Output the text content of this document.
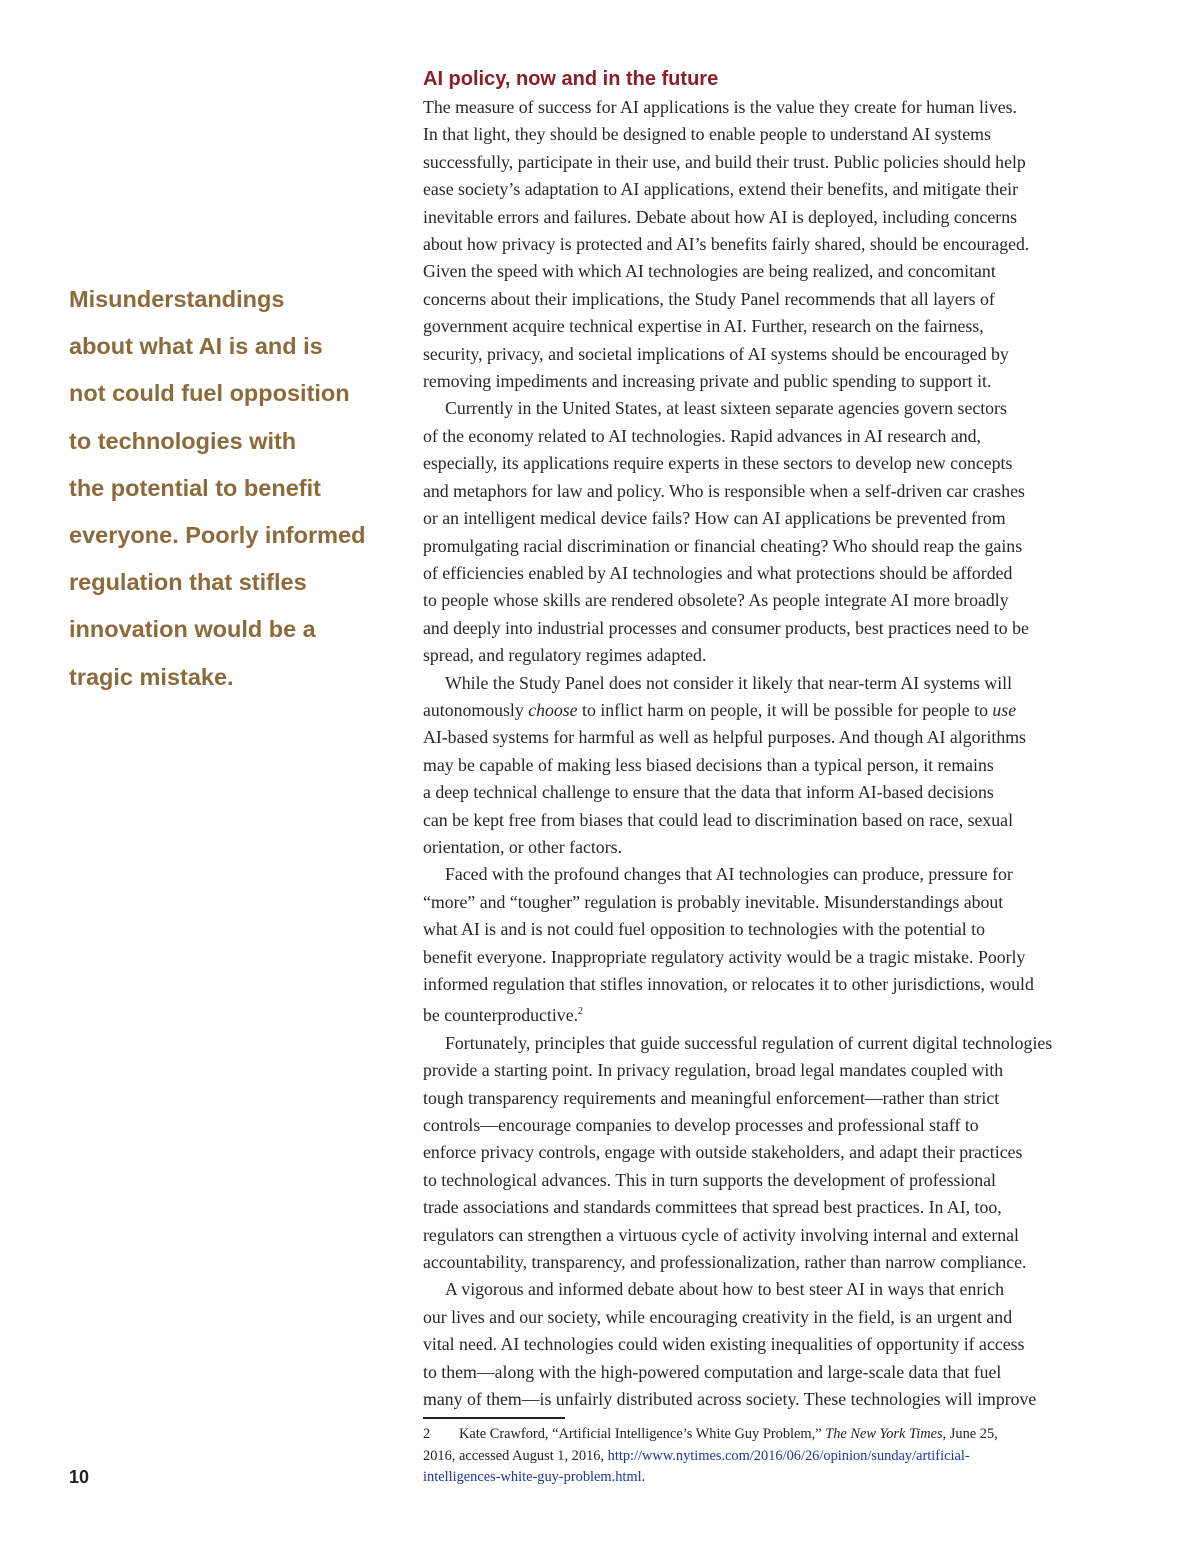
Misunderstandings
about what AI is and is
not could fuel opposition
to technologies with
the potential to benefit
everyone. Poorly informed
regulation that stifles
innovation would be a
tragic mistake.
AI policy, now and in the future
The measure of success for AI applications is the value they create for human lives.
In that light, they should be designed to enable people to understand AI systems
successfully, participate in their use, and build their trust. Public policies should help
ease society’s adaptation to AI applications, extend their benefits, and mitigate their
inevitable errors and failures. Debate about how AI is deployed, including concerns
about how privacy is protected and AI’s benefits fairly shared, should be encouraged.
Given the speed with which AI technologies are being realized, and concomitant
concerns about their implications, the Study Panel recommends that all layers of
government acquire technical expertise in AI. Further, research on the fairness,
security, privacy, and societal implications of AI systems should be encouraged by
removing impediments and increasing private and public spending to support it.
Currently in the United States, at least sixteen separate agencies govern sectors
of the economy related to AI technologies. Rapid advances in AI research and,
especially, its applications require experts in these sectors to develop new concepts
and metaphors for law and policy. Who is responsible when a self-driven car crashes
or an intelligent medical device fails? How can AI applications be prevented from
promulgating racial discrimination or financial cheating? Who should reap the gains
of efficiencies enabled by AI technologies and what protections should be afforded
to people whose skills are rendered obsolete? As people integrate AI more broadly
and deeply into industrial processes and consumer products, best practices need to be
spread, and regulatory regimes adapted.
While the Study Panel does not consider it likely that near-term AI systems will
autonomously choose to inflict harm on people, it will be possible for people to use
AI-based systems for harmful as well as helpful purposes. And though AI algorithms
may be capable of making less biased decisions than a typical person, it remains
a deep technical challenge to ensure that the data that inform AI-based decisions
can be kept free from biases that could lead to discrimination based on race, sexual
orientation, or other factors.
Faced with the profound changes that AI technologies can produce, pressure for
“more” and “tougher” regulation is probably inevitable. Misunderstandings about
what AI is and is not could fuel opposition to technologies with the potential to
benefit everyone. Inappropriate regulatory activity would be a tragic mistake. Poorly
informed regulation that stifles innovation, or relocates it to other jurisdictions, would
be counterproductive.$^2$
Fortunately, principles that guide successful regulation of current digital technologies
provide a starting point. In privacy regulation, broad legal mandates coupled with
tough transparency requirements and meaningful enforcement—rather than strict
controls—encourage companies to develop processes and professional staff to
enforce privacy controls, engage with outside stakeholders, and adapt their practices
to technological advances. This in turn supports the development of professional
trade associations and standards committees that spread best practices. In AI, too,
regulators can strengthen a virtuous cycle of activity involving internal and external
accountability, transparency, and professionalization, rather than narrow compliance.
A vigorous and informed debate about how to best steer AI in ways that enrich
our lives and our society, while encouraging creativity in the field, is an urgent and
vital need. AI technologies could widen existing inequalities of opportunity if access
to them—along with the high-powered computation and large-scale data that fuel
many of them—is unfairly distributed across society. These technologies will improve
2 Kate Crawford, “Artificial Intelligence’s White Guy Problem,” The New York Times, June 25,
2016, accessed August 1, 2016, http://www.nytimes.com/2016/06/26/opinion/sunday/artificial-
intelligences-white-guy-problem.html.
10
